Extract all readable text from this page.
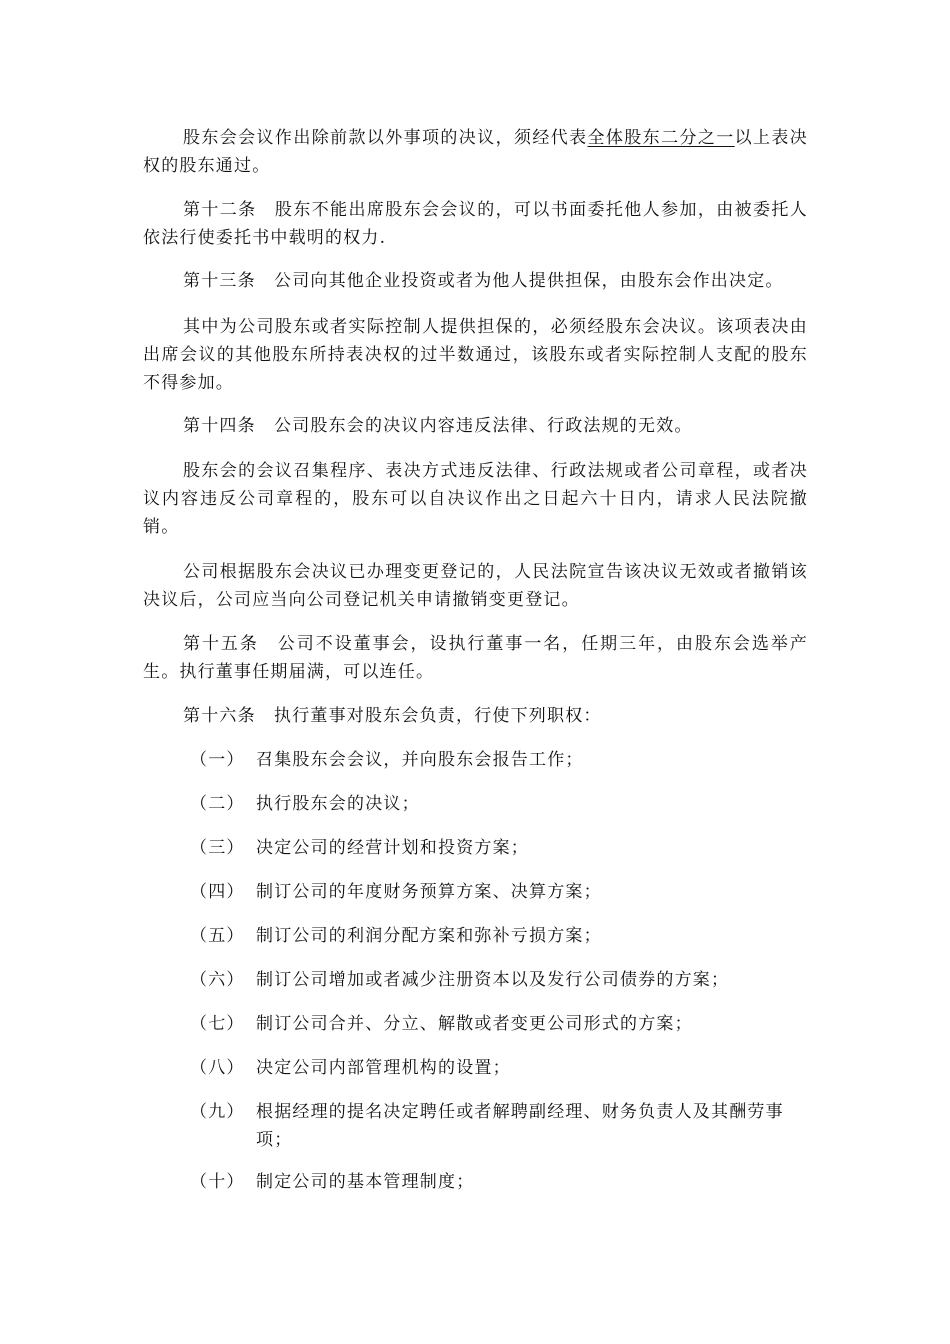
股东会会议作出除前款以外事项的决议，须经代表全体股东二分之一以上表决权的股东通过。

第十二条　股东不能出席股东会会议的，可以书面委托他人参加，由被委托人依法行使委托书中载明的权力.

第十三条　公司向其他企业投资或者为他人提供担保，由股东会作出决定。

其中为公司股东或者实际控制人提供担保的，必须经股东会决议。该项表决由出席会议的其他股东所持表决权的过半数通过，该股东或者实际控制人支配的股东不得参加。

第十四条　公司股东会的决议内容违反法律、行政法规的无效。

股东会的会议召集程序、表决方式违反法律、行政法规或者公司章程，或者决议内容违反公司章程的，股东可以自决议作出之日起六十日内，请求人民法院撤销。

公司根据股东会决议已办理变更登记的，人民法院宣告该决议无效或者撤销该决议后，公司应当向公司登记机关申请撤销变更登记。

第十五条　公司不设董事会，设执行董事一名，任期三年，由股东会选举产生。执行董事任期届满，可以连任。

第十六条　执行董事对股东会负责，行使下列职权：

（一） 召集股东会会议，并向股东会报告工作；
（二） 执行股东会的决议；
（三） 决定公司的经营计划和投资方案；
（四） 制订公司的年度财务预算方案、决算方案；
（五） 制订公司的利润分配方案和弥补亏损方案；
（六） 制订公司增加或者减少注册资本以及发行公司债券的方案；
（七） 制订公司合并、分立、解散或者变更公司形式的方案；
（八） 决定公司内部管理机构的设置；
（九） 根据经理的提名决定聘任或者解聘副经理、财务负责人及其酬劳事项；
（十） 制定公司的基本管理制度；
